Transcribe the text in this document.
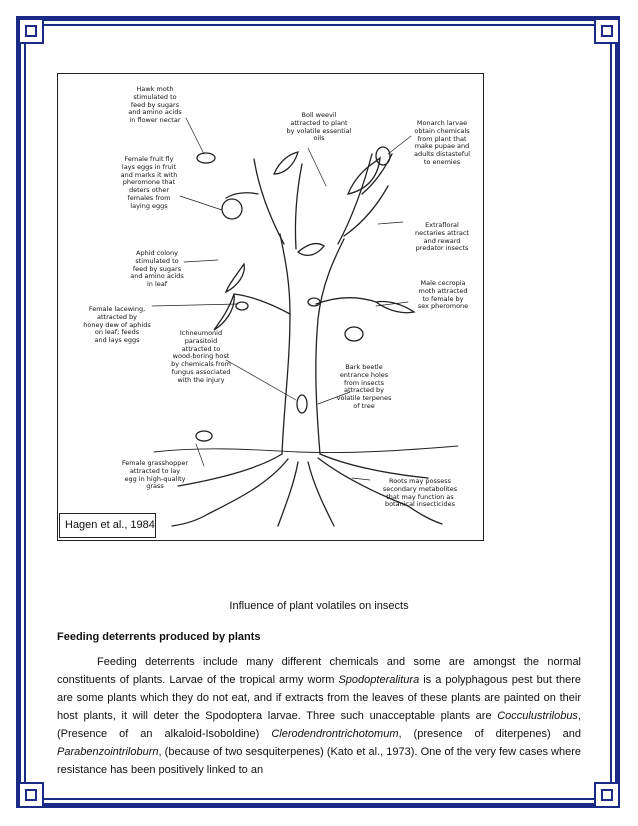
Hawk moth
stimulated to
feed by sugars
and amino acids
in flower nectar
Boll weevil
attracted to plant
by volatile essential
oils
Monarch larvae
obtain chemicals
from plant that
make pupae and
adults distasteful
to enemies
Female fruit fly
lays eggs in fruit
and marks it with
pheromone that
deters other
females from
laying eggs
Extrafloral
nectaries attract
and reward
predator insects
Aphid colony
stimulated to
feed by sugars
and amino acids
in leaf	Male cecropia
moth attracted
to female by
sex pheromone
Female lacewing,
attracted by
honey dew of aphids
on leaf; feeds
and lays eggs
Ichneumonid
parasitoid
attracted to
wood-boring host
by chemicals from
fungus associated
with the injury
Bark beetle
entrance holes
from insects
attracted by
volatile terpenes
of tree
Female grasshopper
attracted to lay
egg in high-quality
grass
Roots may possess
secondary metabolites
that may function as
botanical insecticides
Hagen et al., 1984
Influence of plant volatiles on insects
Feeding deterrents produced by plants
Feeding deterrents include many different chemicals and some are amongst the normal constituents of plants. Larvae of the tropical army worm Spodopteralitura is a polyphagous pest but there are some plants which they do not eat, and if extracts from the leaves of these plants are painted on their host plants, it will deter the Spodoptera larvae. Three such unacceptable plants are Cocculustrilobus, (Presence of an alkaloid-Isoboldine) Clerodendrontrichotomum, (presence of diterpenes) and Parabenzointriloburn, (because of two sesquiterpenes) (Kato et al., 1973). One of the very few cases where resistance has been positively linked to an
